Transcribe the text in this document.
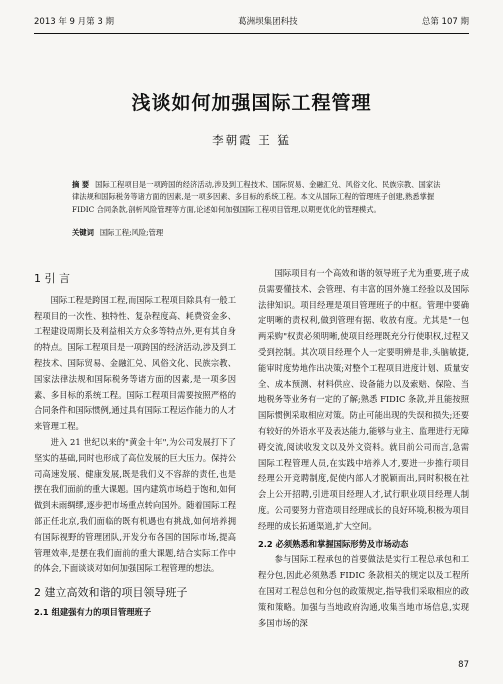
2013 年 9 月第 3 期	葛洲坝集团科技	总第 107 期
浅谈如何加强国际工程管理
李朝霞 王 猛
摘 要 国际工程项目是一项跨国的经济活动,涉及到工程技术、国际贸易、金融汇兑、风俗文化、民族宗教、国家法律法规和国际税务等诸方面的因素,是一项多因素、多目标的系统工程。本文从国际工程的管理班子创建,熟悉掌握 FIDIC 合同条款,剖析风险管理等方面,论述如何加强国际工程项目管理,以期更优化的管理模式。
关键词 国际工程;风险;管理

1 引 言

国际工程是跨国工程,而国际工程项目除具有一般工程项目的一次性、独特性、复杂程度高、耗费资金多、工程建设周期长及利益相关方众多等特点外,更有其自身的特点。国际工程项目是一项跨国的经济活动,涉及到工程技术、国际贸易、金融汇兑、风俗文化、民族宗教、国家法律法规和国际税务等诸方面的因素,是一项多因素、多目标的系统工程。国际工程项目需要按照严格的合同条件和国际惯例,通过具有国际工程运作能力的人才来管理工程。

进入 21 世纪以来的"黄金十年",为公司发展打下了坚实的基础,同时也形成了高位发展的巨大压力。保持公司高速发展、健康发展,既是我们义不容辞的责任,也是摆在我们面前的重大课题。国内建筑市场趋于饱和,如何做到未雨绸缪,逐步把市场重点转向国外。随着国际工程部正任北京,我们面临的既有机遇也有挑战,如何培养拥有国际视野的管理团队,开发分布各国的国际市场,提高管理效率,是摆在我们面前的重大课题,结合实际工作中的体会,下面谈谈对如何加强国际工程管理的想法。

2 建立高效和谐的项目领导班子

2.1 组建强有力的项目管理班子

国际项目有一个高效和谐的领导班子尤为重要,班子成员需要懂技术、会管理、有丰富的国外施工经验以及国际法律知识。项目经理是项目管理班子的中枢。管理中要确定明晰的责权利,做到管理有据、收放有度。尤其是"一包两采购"权责必须明晰,使项目经理既充分行使职权,过程又受到控制。其次项目经理个人一定要明辨是非,头脑敏捷,能审时度势地作出决策;对整个工程项目进度计划、质量安全、成本预测、材料供应、设备能力以及索赔、保险、当地税务等业务有一定的了解;熟悉 FIDIC 条款,并且能按照国际惯例采取相应对策。防止可能出现的失误和损失;还要有较好的外语水平及表达能力,能够与业主、监理进行无障碍交流,阅读收发文以及外文资料。就目前公司而言,急需国际工程管理人员,在实践中培养人才,要进一步推行项目经理公开竞聘制度,促使内部人才脱颖而出,同时积极在社会上公开招聘,引进项目经理人才,试行职业项目经理人制度。公司要努力营造项目经理成长的良好环境,积极为项目经理的成长拓通渠道,扩大空间。

2.2 必须熟悉和掌握国际形势及市场动态

参与国际工程承包的首要做法是实行工程总承包和工程分包,因此必须熟悉 FIDIC 条款相关的规定以及工程所在国对工程总包和分包的政策规定,指导我们采取相应的政策和策略。加强与当地政府沟通,收集当地市场信息,实现多国市场的深

87
